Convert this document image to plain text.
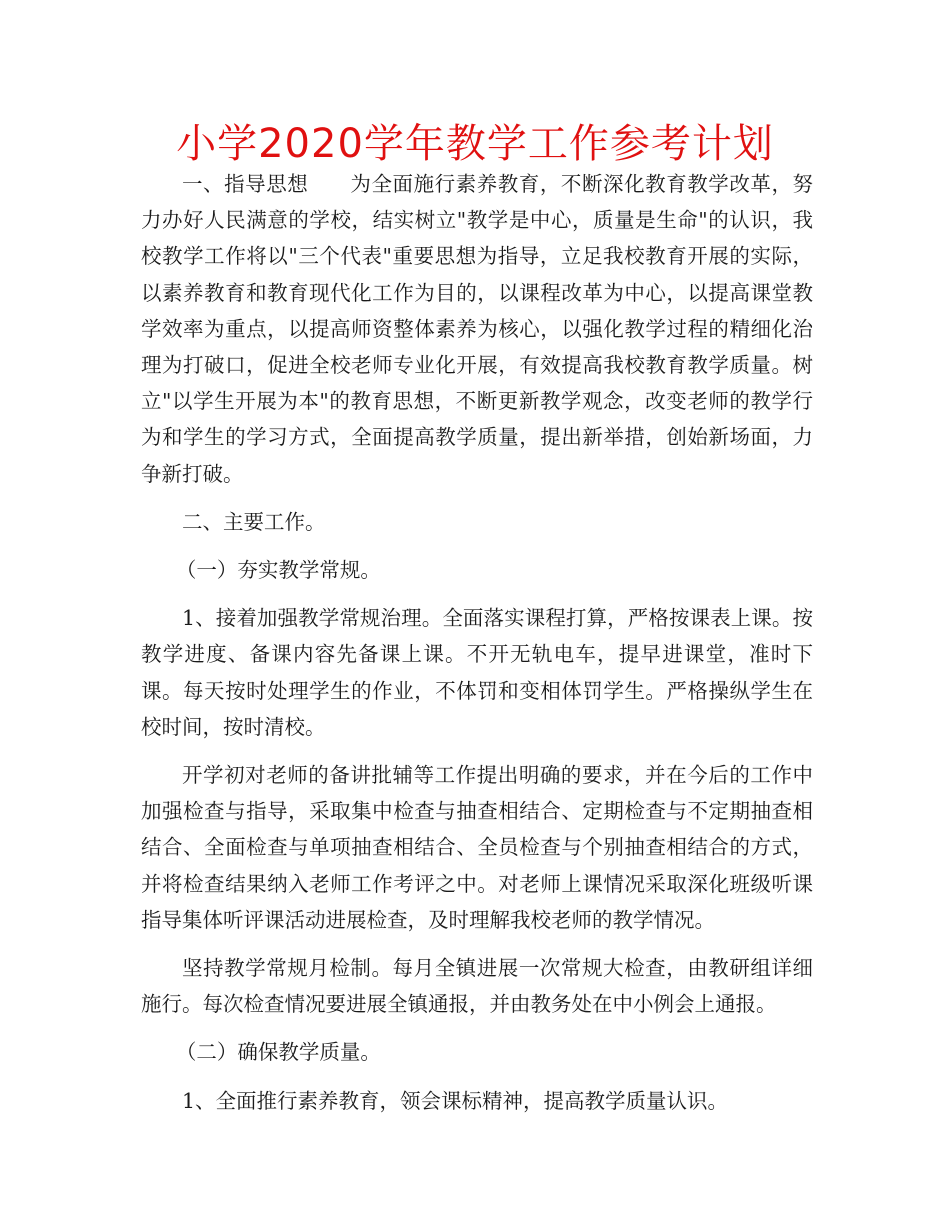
小学2020学年教学工作参考计划

一、指导思想　　为全面施行素养教育，不断深化教育教学改革，努力办好人民满意的学校，结实树立"教学是中心，质量是生命"的认识，我校教学工作将以"三个代表"重要思想为指导，立足我校教育开展的实际，以素养教育和教育现代化工作为目的，以课程改革为中心，以提高课堂教学效率为重点，以提高师资整体素养为核心，以强化教学过程的精细化治理为打破口，促进全校老师专业化开展，有效提高我校教育教学质量。树立"以学生开展为本"的教育思想，不断更新教学观念，改变老师的教学行为和学生的学习方式，全面提高教学质量，提出新举措，创始新场面，力争新打破。

二、主要工作。

（一）夯实教学常规。

1、接着加强教学常规治理。全面落实课程打算，严格按课表上课。按教学进度、备课内容先备课上课。不开无轨电车，提早进课堂，准时下课。每天按时处理学生的作业，不体罚和变相体罚学生。严格操纵学生在校时间，按时清校。

开学初对老师的备讲批辅等工作提出明确的要求，并在今后的工作中加强检查与指导，采取集中检查与抽查相结合、定期检查与不定期抽查相结合、全面检查与单项抽查相结合、全员检查与个别抽查相结合的方式，并将检查结果纳入老师工作考评之中。对老师上课情况采取深化班级听课指导集体听评课活动进展检查，及时理解我校老师的教学情况。

坚持教学常规月检制。每月全镇进展一次常规大检查，由教研组详细施行。每次检查情况要进展全镇通报，并由教务处在中小例会上通报。

（二）确保教学质量。

1、全面推行素养教育，领会课标精神，提高教学质量认识。
